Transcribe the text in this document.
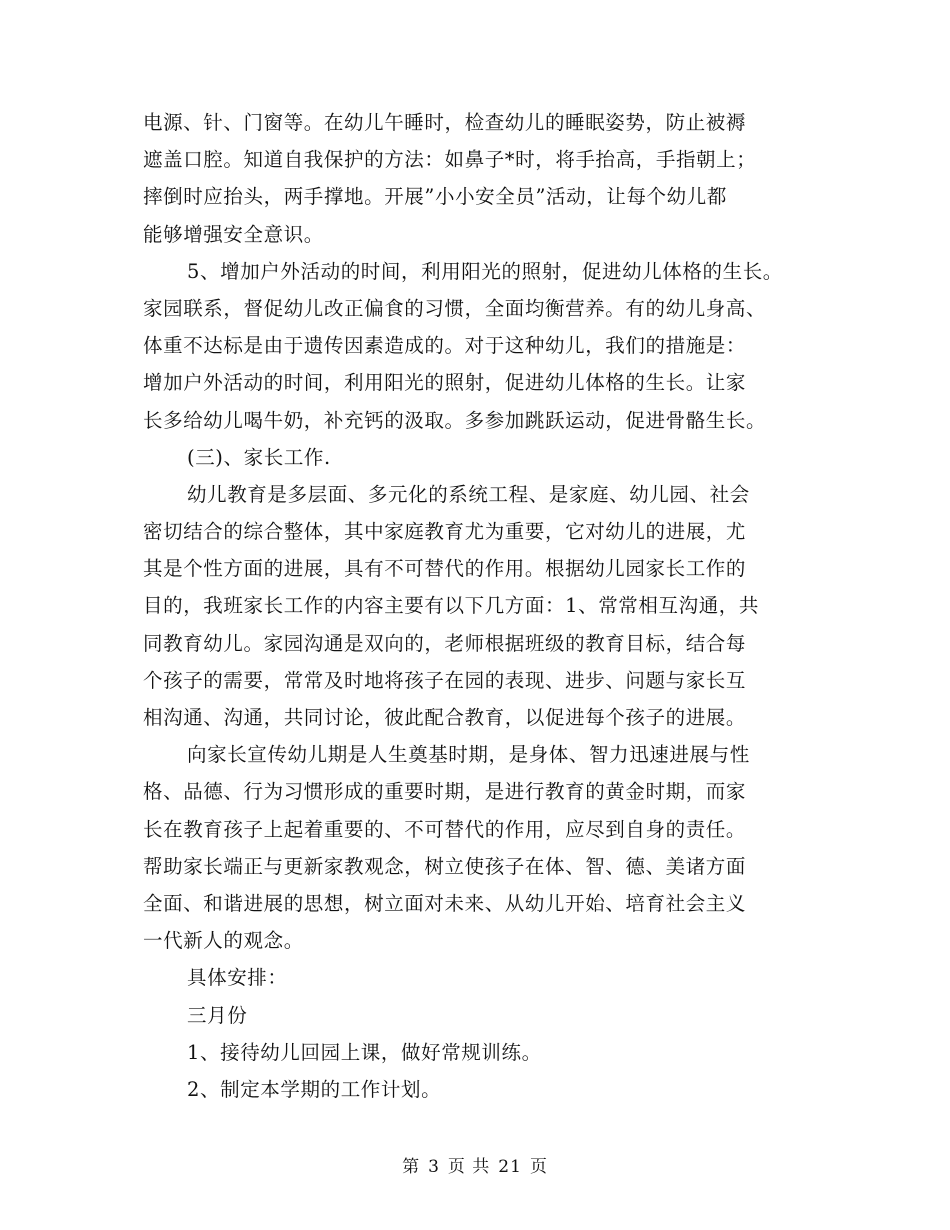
电源、针、门窗等。在幼儿午睡时，检查幼儿的睡眠姿势，防止被褥
遮盖口腔。知道自我保护的方法：如鼻子*时，将手抬高，手指朝上；
摔倒时应抬头，两手撑地。开展”小小安全员”活动，让每个幼儿都
能够增强安全意识。
5、增加户外活动的时间，利用阳光的照射，促进幼儿体格的生长。
家园联系，督促幼儿改正偏食的习惯，全面均衡营养。有的幼儿身高、
体重不达标是由于遗传因素造成的。对于这种幼儿，我们的措施是：
增加户外活动的时间，利用阳光的照射，促进幼儿体格的生长。让家
长多给幼儿喝牛奶，补充钙的汲取。多参加跳跃运动，促进骨骼生长。
(三)、家长工作.
幼儿教育是多层面、多元化的系统工程、是家庭、幼儿园、社会
密切结合的综合整体，其中家庭教育尤为重要，它对幼儿的进展，尤
其是个性方面的进展，具有不可替代的作用。根据幼儿园家长工作的
目的，我班家长工作的内容主要有以下几方面：1、常常相互沟通，共
同教育幼儿。家园沟通是双向的，老师根据班级的教育目标，结合每
个孩子的需要，常常及时地将孩子在园的表现、进步、问题与家长互
相沟通、沟通，共同讨论，彼此配合教育，以促进每个孩子的进展。
向家长宣传幼儿期是人生奠基时期，是身体、智力迅速进展与性
格、品德、行为习惯形成的重要时期，是进行教育的黄金时期，而家
长在教育孩子上起着重要的、不可替代的作用，应尽到自身的责任。
帮助家长端正与更新家教观念，树立使孩子在体、智、德、美诸方面
全面、和谐进展的思想，树立面对未来、从幼儿开始、培育社会主义
一代新人的观念。
具体安排：
三月份
1、接待幼儿回园上课，做好常规训练。
2、制定本学期的工作计划。
第 3 页 共 21 页
